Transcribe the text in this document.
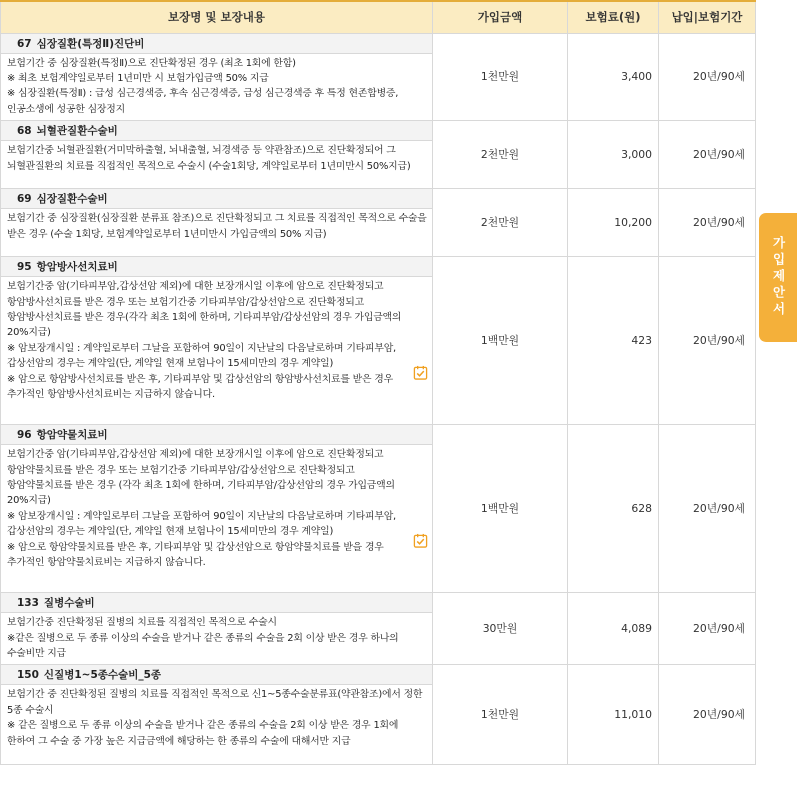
보장명 및 보장내용	가입금액	보험료(원)	납입|보험기간
67 심장질환(특정Ⅱ)진단비	1천만원	3,400	20년/90세

보험기간 중 심장질환(특정Ⅱ)으로 진단확정된 경우 (최초 1회에 한함)

※ 최초 보험계약일로부터 1년미만 시 보험가입금액 50% 지급

※ 심장질환(특정Ⅱ) : 급성 심근경색증, 후속 심근경색증, 급성 심근경색증 후 특정 현존합병증, 인공소생에 성공한 심장정지			

68 뇌혈관질환수술비	2천만원	3,000	20년/90세

보험기간중 뇌혈관질환(거미막하출혈, 뇌내출혈, 뇌경색증 등 약관참조)으로 진단확정되어 그 뇌혈관질환의 치료를 직접적인 목적으로 수술시 (수술1회당, 계약일로부터 1년미만시 50%지급)			

69 심장질환수술비	2천만원	10,200	20년/90세

보험기간 중 심장질환(심장질환 분류표 참조)으로 진단확정되고 그 치료를 직접적인 목적으로 수술을 받은 경우 (수술 1회당, 보험계약일로부터 1년미만시 가입금액의 50% 지급)			

95 항암방사선치료비	1백만원	423	20년/90세

보험기간중 암(기타피부암,갑상선암 제외)에 대한 보장개시일 이후에 암으로 진단확정되고 항암방사선치료를 받은 경우 또는 보험기간중 기타피부암/갑상선암으로 진단확정되고 항암방사선치료를 받은 경우(각각 최초 1회에 한하며, 기타피부암/갑상선암의 경우 가입금액의 20%지급)

※ 암보장개시일 : 계약일로부터 그날을 포함하여 90일이 지난날의 다음날로하며 기타피부암, 갑상선암의 경우는 계약일(단, 계약일 현재 보험나이 15세미만의 경우 계약일)

※ 암으로 항암방사선치료를 받은 후, 기타피부암 및 갑상선암의 항암방사선치료를 받은 경우 추가적인 항암방사선치료비는 지급하지 않습니다.			

96 항암약물치료비	1백만원	628	20년/90세

보험기간중 암(기타피부암,갑상선암 제외)에 대한 보장개시일 이후에 암으로 진단확정되고 항암약물치료를 받은 경우 또는 보험기간중 기타피부암/갑상선암으로 진단확정되고 항암약물치료를 받은 경우 (각각 최초 1회에 한하며, 기타피부암/갑상선암의 경우 가입금액의 20%지급)

※ 암보장개시일 : 계약일로부터 그날을 포함하여 90일이 지난날의 다음날로하며 기타피부암, 갑상선암의 경우는 계약일(단, 계약일 현재 보험나이 15세미만의 경우 계약일)

※ 암으로 항암약물치료를 받은 후, 기타피부암 및 갑상선암으로 항암약물치료를 받을 경우 추가적인 항암약물치료비는 지급하지 않습니다.			

133 질병수술비	30만원	4,089	20년/90세

보험기간중 진단확정된 질병의 치료를 직접적인 목적으로 수술시

※같은 질병으로 두 종류 이상의 수술을 받거나 같은 종류의 수술을 2회 이상 받은 경우 하나의 수술비만 지급			

150 신질병1~5종수술비_5종	1천만원	11,010	20년/90세

보험기간 중 진단확정된 질병의 치료를 직접적인 목적으로 신1~5종수술분류표(약관참조)에서 정한 5종 수술시

※ 같은 질병으로 두 종류 이상의 수술을 받거나 같은 종류의 수술을 2회 이상 받은 경우 1회에 한하여 그 수술 중 가장 높은 지급금액에 해당하는 한 종류의 수술에 대해서만 지급			

가입제안서
